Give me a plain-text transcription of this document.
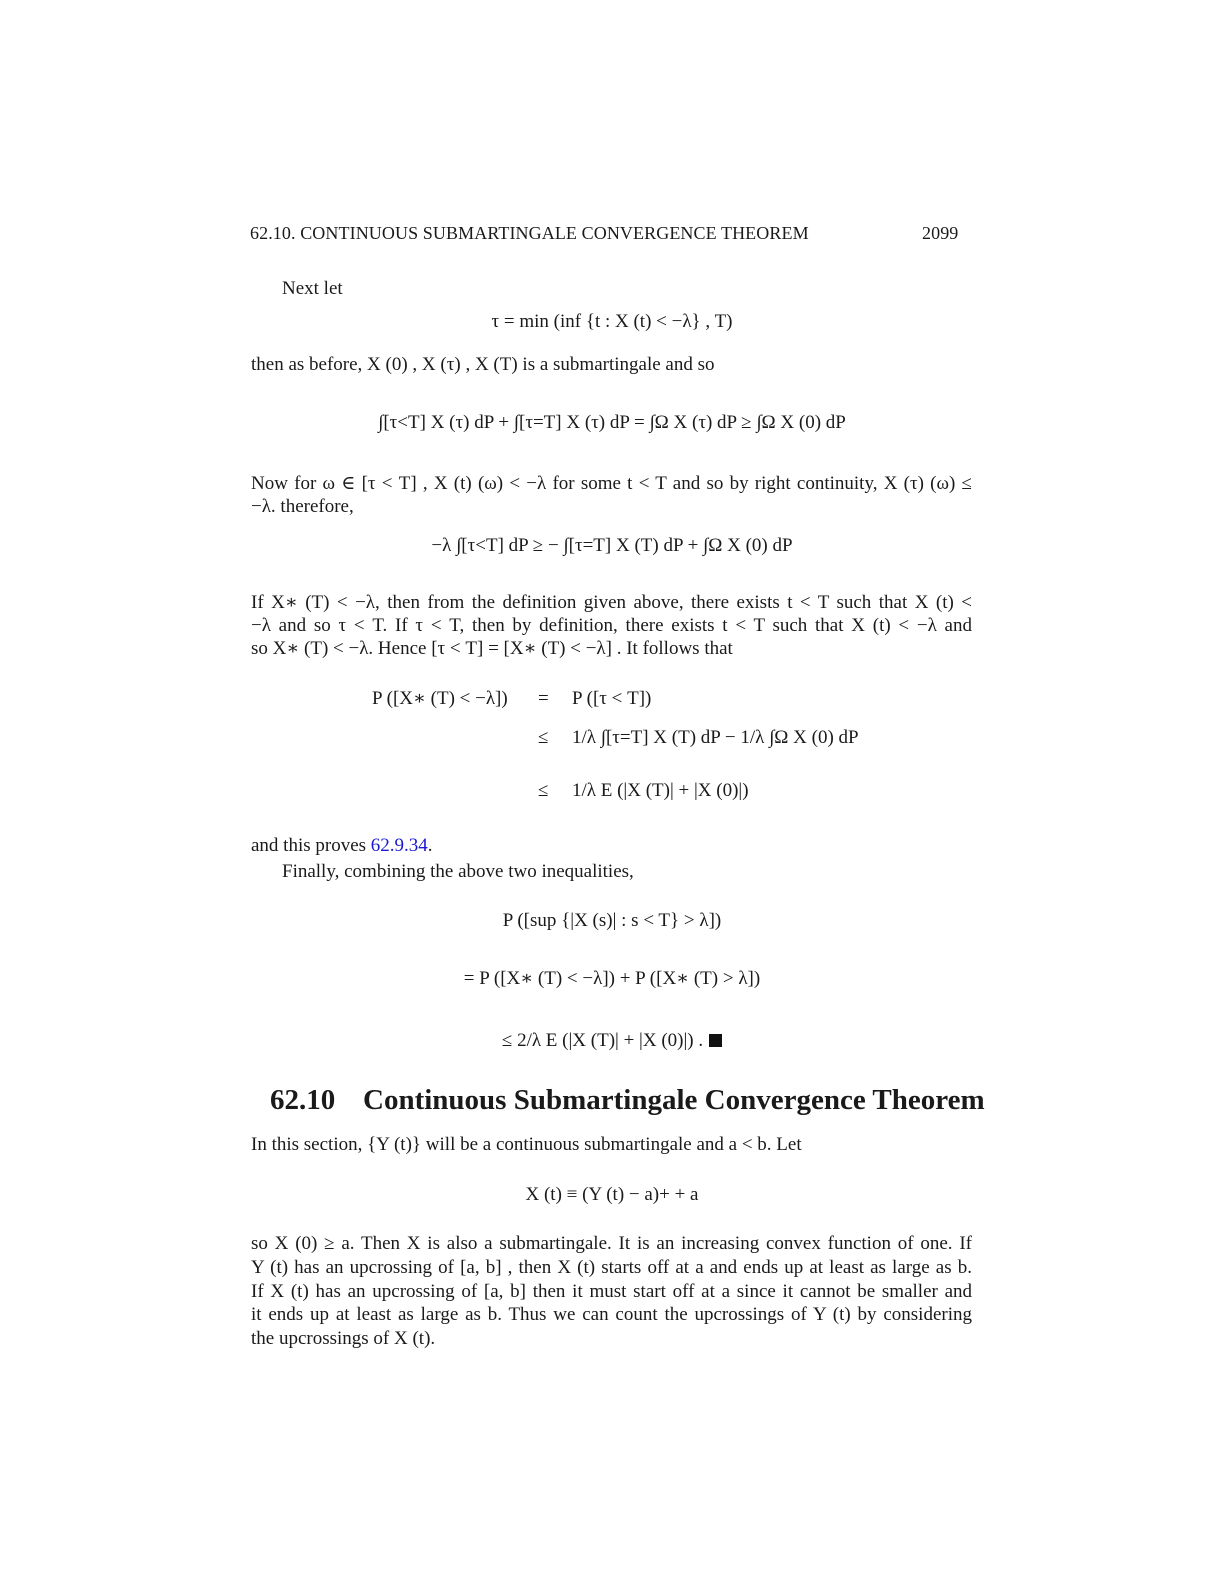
62.10. CONTINUOUS SUBMARTINGALE CONVERGENCE THEOREM	2099
Next let
τ = min (inf {t : X (t) < −λ} , T)
then as before, X (0) , X (τ) , X (T) is a submartingale and so
∫[τ<T] X (τ) dP + ∫[τ=T] X (τ) dP = ∫Ω X (τ) dP ≥ ∫Ω X (0) dP
Now for ω ∈ [τ < T] , X (t) (ω) < −λ for some t < T and so by right continuity, X (τ) (ω) ≤
−λ. therefore,
−λ ∫[τ<T] dP ≥ − ∫[τ=T] X (T) dP + ∫Ω X (0) dP
If X∗ (T) < −λ, then from the definition given above, there exists t < T such that X (t) <
−λ and so τ < T. If τ < T, then by definition, there exists t < T such that X (t) < −λ and
so X∗ (T) < −λ. Hence [τ < T] = [X∗ (T) < −λ] . It follows that
P ([X∗ (T) < −λ]) = P ([τ < T])
≤ 1/λ ∫[τ=T] X (T) dP − 1/λ ∫Ω X (0) dP
≤ 1/λ E (|X (T)| + |X (0)|)
and this proves 62.9.34.
Finally, combining the above two inequalities,
P ([sup {|X (s)| : s < T} > λ])
= P ([X∗ (T) < −λ]) + P ([X∗ (T) > λ])
≤ 2/λ E (|X (T)| + |X (0)|) .
62.10 Continuous Submartingale Convergence Theorem
In this section, {Y (t)} will be a continuous submartingale and a < b. Let
X (t) ≡ (Y (t) − a)+ + a
so X (0) ≥ a. Then X is also a submartingale. It is an increasing convex function of one. If
Y (t) has an upcrossing of [a, b] , then X (t) starts off at a and ends up at least as large as b.
If X (t) has an upcrossing of [a, b] then it must start off at a since it cannot be smaller and
it ends up at least as large as b. Thus we can count the upcrossings of Y (t) by considering
the upcrossings of X (t).
